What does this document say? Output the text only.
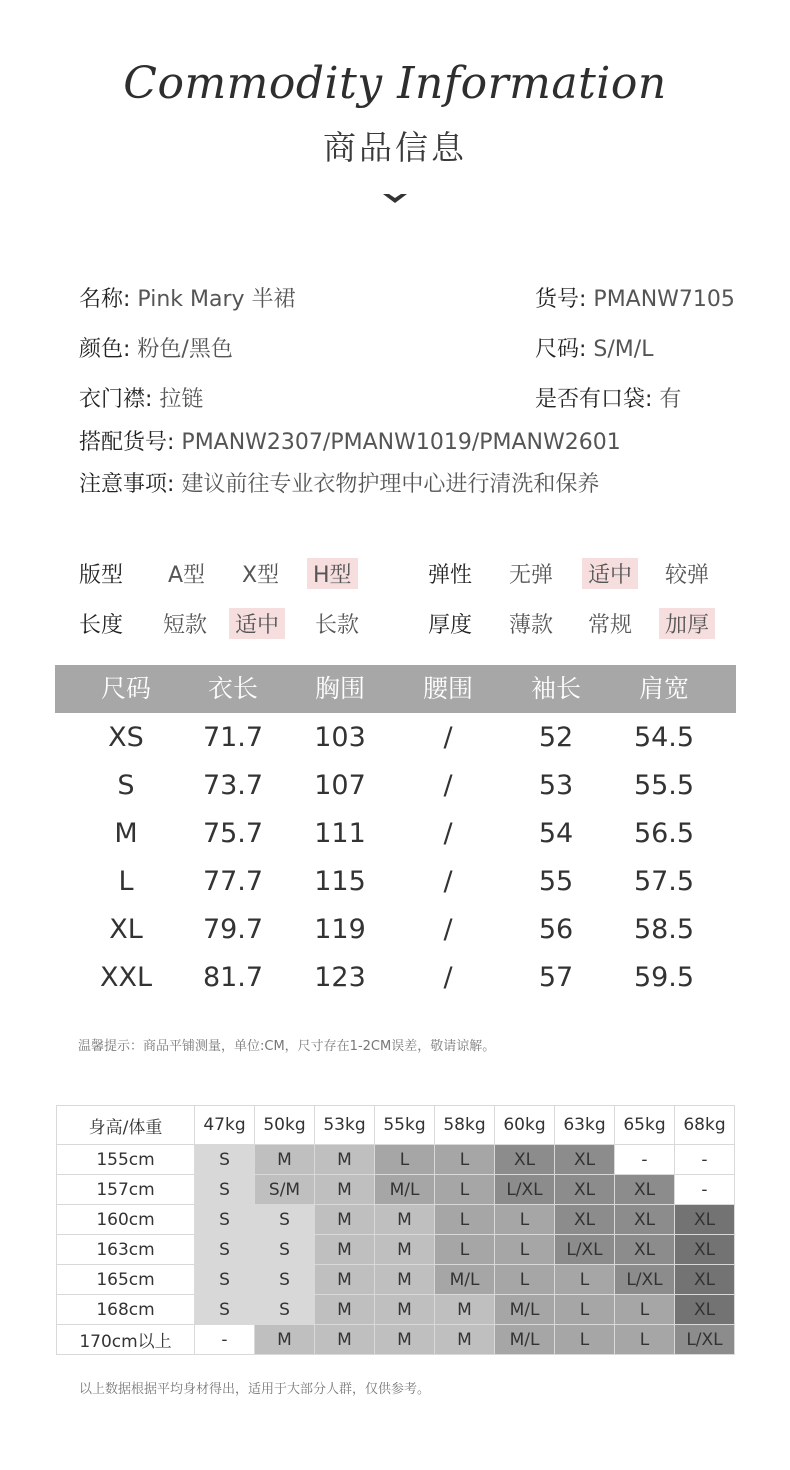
Commodity Information
商品信息
名称: Pink Mary 半裙	货号: PMANW7105
颜色: 粉色/黑色	尺码: S/M/L
衣门襟: 拉链	是否有口袋: 有
搭配货号: PMANW2307/PMANW1019/PMANW2601
注意事项: 建议前往专业衣物护理中心进行清洗和保养
版型 A型 X型 H型	弹性 无弹 适中 较弹
长度 短款 适中 长款	厚度 薄款 常规 加厚
尺码	衣长	胸围	腰围	袖长	肩宽
XS	71.7	103	/	52	54.5
S	73.7	107	/	53	55.5
M	75.7	111	/	54	56.5
L	77.7	115	/	55	57.5
XL	79.7	119	/	56	58.5
XXL	81.7	123	/	57	59.5
温馨提示：商品平铺测量，单位:CM，尺寸存在1-2CM误差，敬请谅解。
身高/体重	47kg	50kg	53kg	55kg	58kg	60kg	63kg	65kg	68kg
155cm	S	M	M	L	L	XL	XL	-	-
157cm	S	S/M	M	M/L	L	L/XL	XL	XL	-
160cm	S	S	M	M	L	L	XL	XL	XL
163cm	S	S	M	M	L	L	L/XL	XL	XL
165cm	S	S	M	M	M/L	L	L	L/XL	XL
168cm	S	S	M	M	M	M/L	L	L	XL
170cm以上	-	M	M	M	M	M/L	L	L	L/XL
以上数据根据平均身材得出，适用于大部分人群，仅供参考。
